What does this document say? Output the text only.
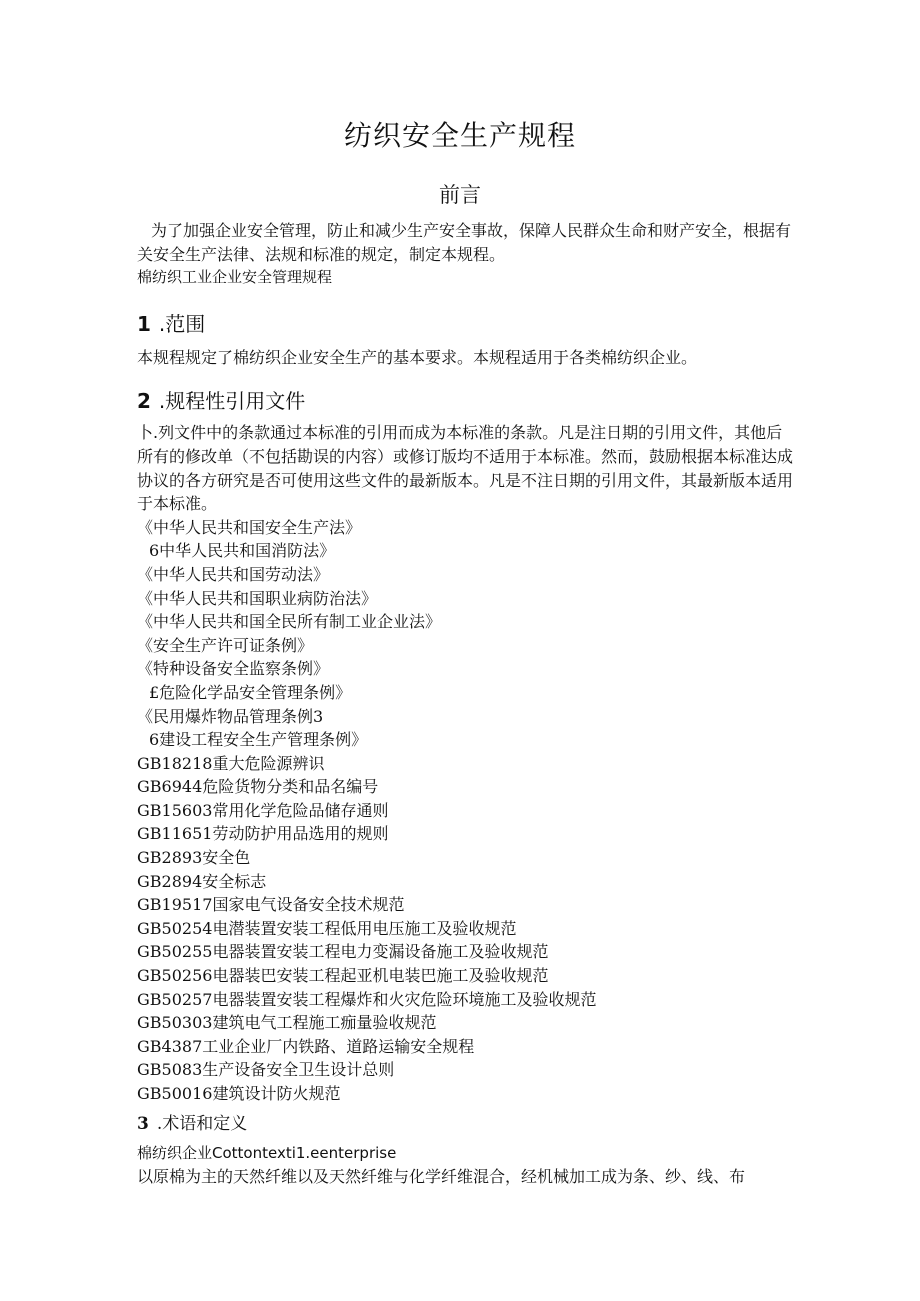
纺织安全生产规程
前言

为了加强企业安全管理，防止和减少生产安全事故，保障人民群众生命和财产安全，根据有关安全生产法律、法规和标准的规定，制定本规程。

棉纺织工业企业安全管理规程

1 .范围

本规程规定了棉纺织企业安全生产的基本要求。本规程适用于各类棉纺织企业。

2 .规程性引用文件

卜.列文件中的条款通过本标准的引用而成为本标准的条款。凡是注日期的引用文件，其他后所有的修改单（不包括勘误的内容）或修订版均不适用于本标准。然而，鼓励根据本标准达成协议的各方研究是否可使用这些文件的最新版本。凡是不注日期的引用文件，其最新版本适用于本标准。

《中华人民共和国安全生产法》
6中华人民共和国消防法》
《中华人民共和国劳动法》
《中华人民共和国职业病防治法》
《中华人民共和国全民所有制工业企业法》
《安全生产许可证条例》
《特种设备安全监察条例》
£危险化学品安全管理条例》
《民用爆炸物品管理条例3
6建设工程安全生产管理条例》
GB18218重大危险源辨识
GB6944危险货物分类和品名编号
GB15603常用化学危险品储存通则
GB11651劳动防护用品选用的规则
GB2893安全色
GB2894安全标志
GB19517国家电气设备安全技术规范
GB50254电潜装置安装工程低用电压施工及验收规范
GB50255电器装置安装工程电力变漏设备施工及验收规范
GB50256电器装巴安装工程起亚机电装巴施工及验收规范
GB50257电器装置安装工程爆炸和火灾危险环境施工及验收规范
GB50303建筑电气工程施工痂量验收规范
GB4387工业企业厂内铁路、道路运输安全规程
GB5083生产设备安全卫生设计总则
GB50016建筑设计防火规范
3 .术语和定义

棉纺织企业Cottontexti1.eenterprise

以原棉为主的天然纤维以及天然纤维与化学纤维混合，经机械加工成为条、纱、线、布
